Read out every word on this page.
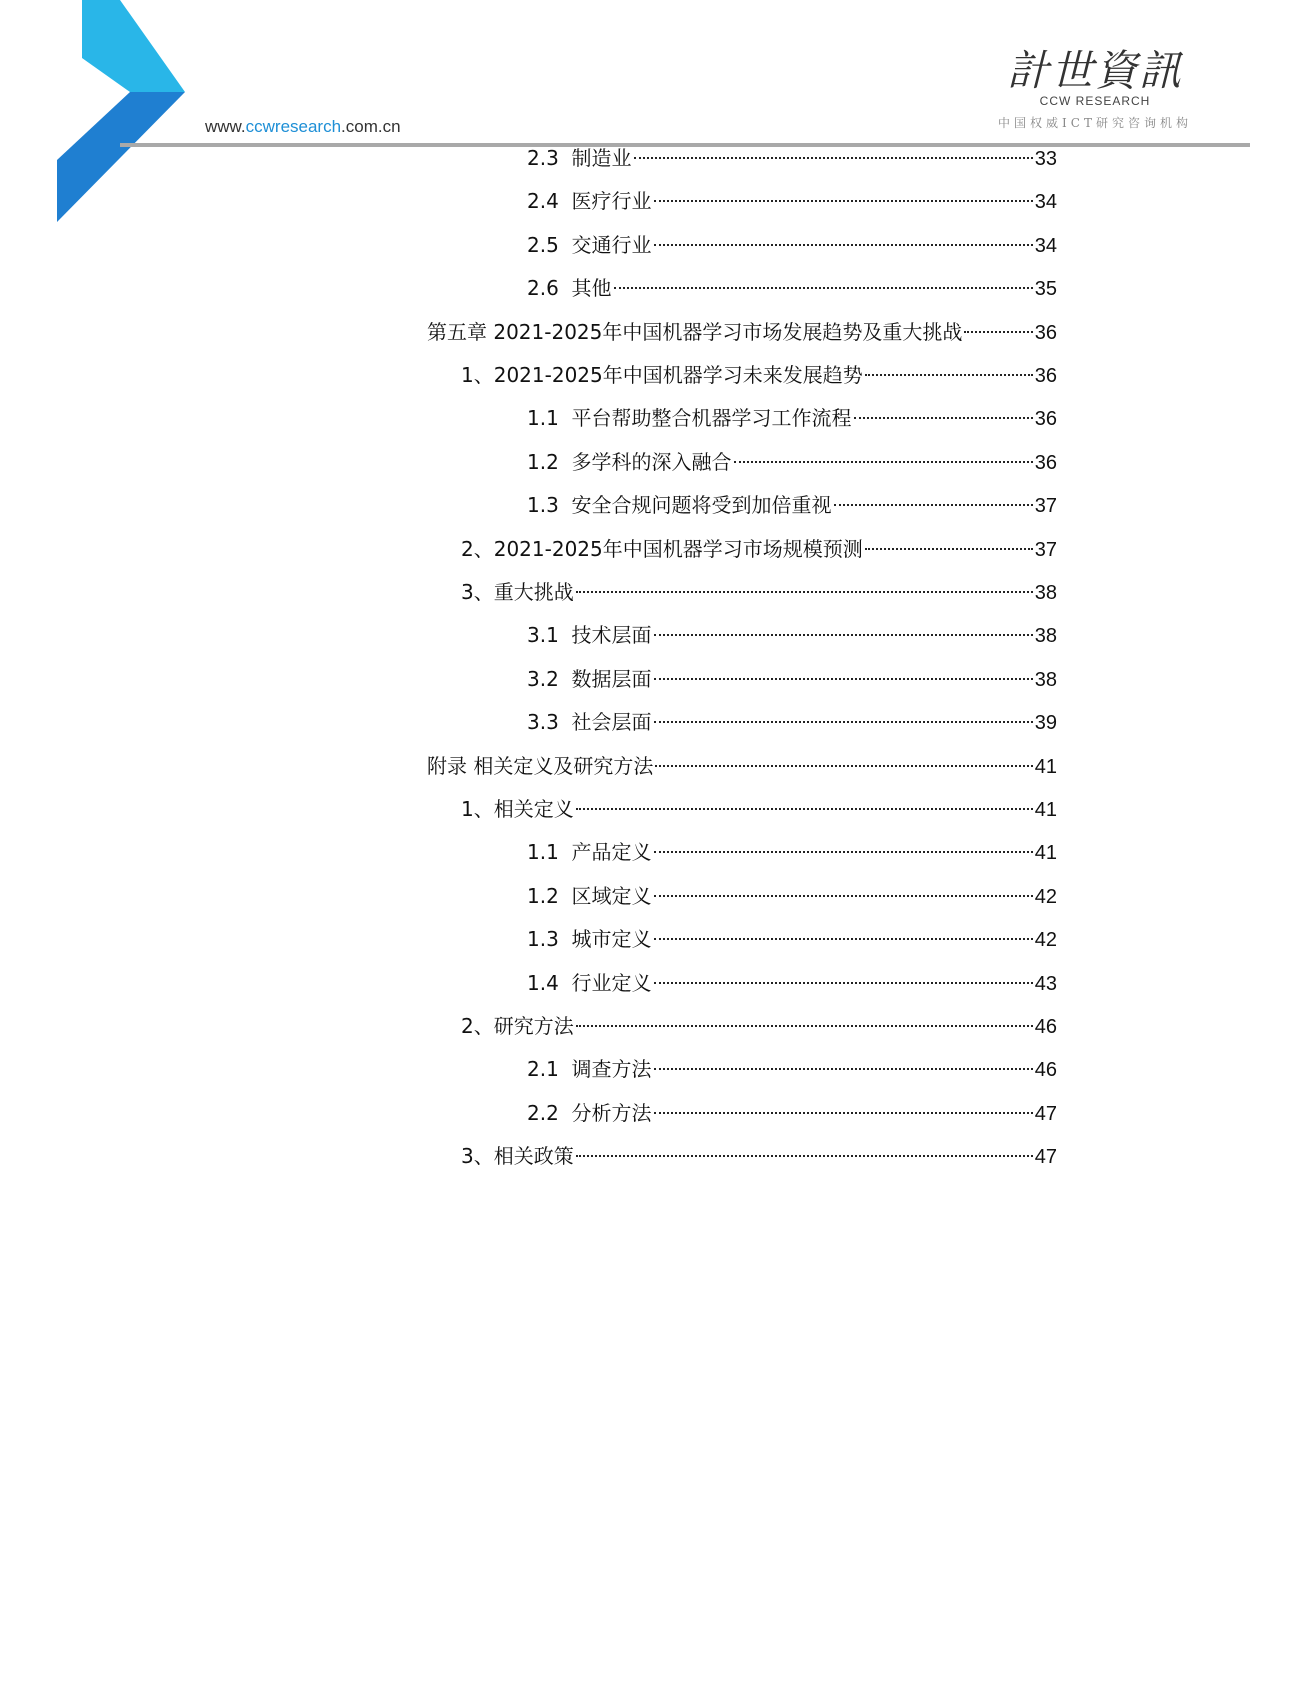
www.ccwresearch.com.cn
計世資訊
CCW RESEARCH
中国权威ICT研究咨询机构
2.3  制造业	33
2.4  医疗行业	34
2.5  交通行业	34
2.6  其他	35
第五章 2021-2025年中国机器学习市场发展趋势及重大挑战	36
1、2021-2025年中国机器学习未来发展趋势	36
1.1  平台帮助整合机器学习工作流程	36
1.2  多学科的深入融合	36
1.3  安全合规问题将受到加倍重视	37
2、2021-2025年中国机器学习市场规模预测	37
3、重大挑战	38
3.1  技术层面	38
3.2  数据层面	38
3.3  社会层面	39
附录 相关定义及研究方法	41
1、相关定义	41
1.1  产品定义	41
1.2  区域定义	42
1.3  城市定义	42
1.4  行业定义	43
2、研究方法	46
2.1  调查方法	46
2.2  分析方法	47
3、相关政策	47
